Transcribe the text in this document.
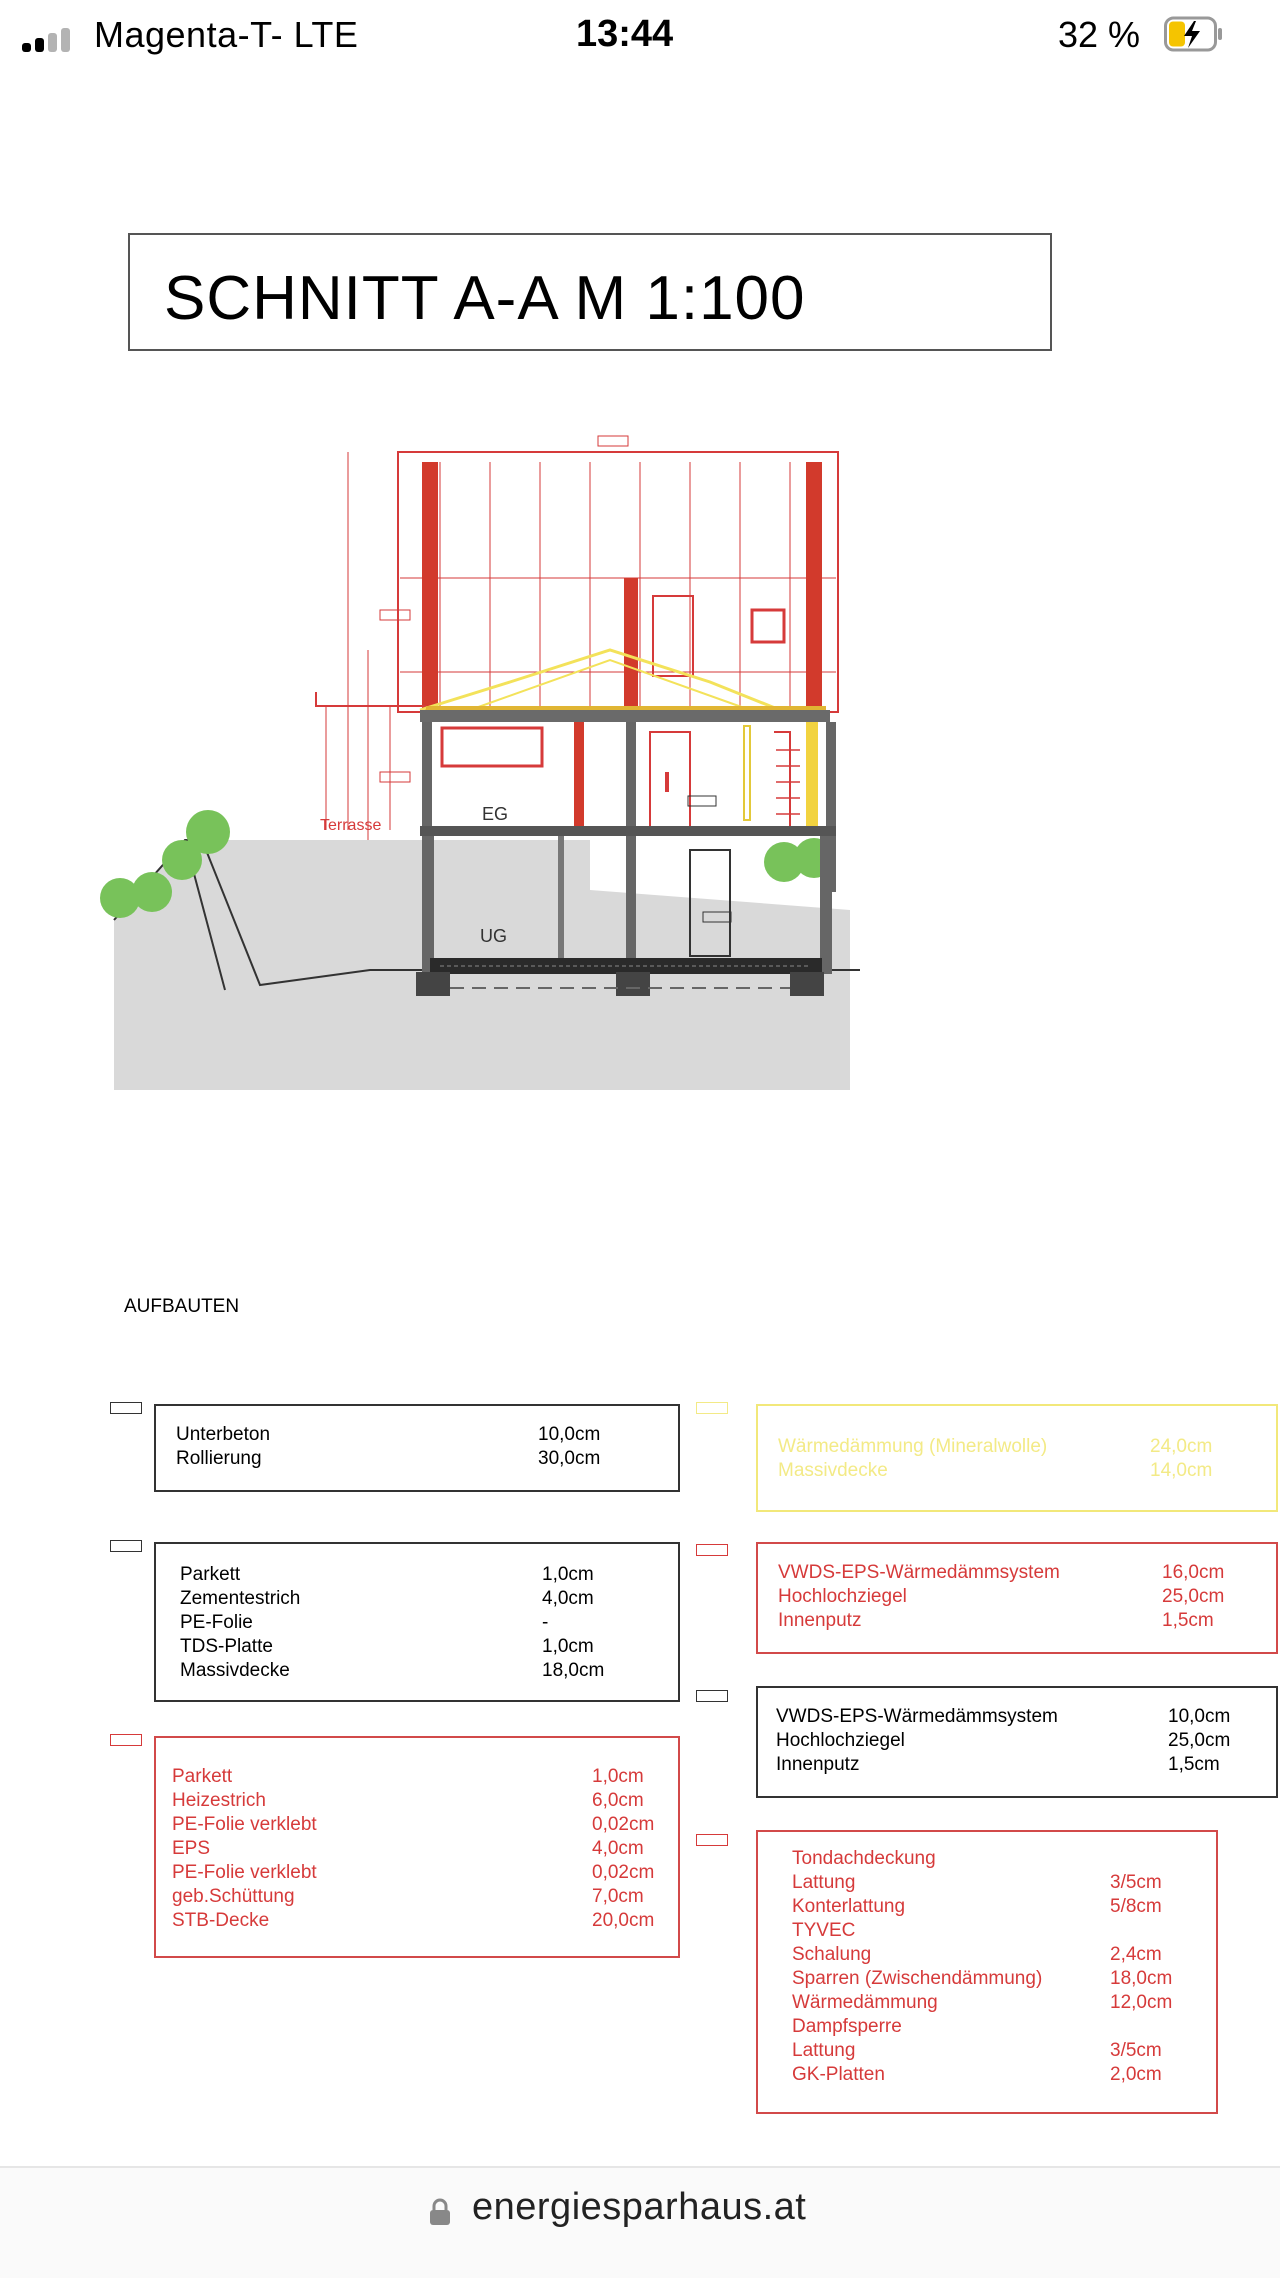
Magenta-T- LTE	13:44	32 %
SCHNITT A-A M 1:100
Terrasse
EG
UG
AUFBAUTEN
Unterbeton	10,0cm
Rollierung	30,0cm
Parkett	1,0cm
Zementestrich	4,0cm
PE-Folie	-
TDS-Platte	1,0cm
Massivdecke	18,0cm
Parkett	1,0cm
Heizestrich	6,0cm
PE-Folie verklebt	0,02cm
EPS	4,0cm
PE-Folie verklebt	0,02cm
geb.Schüttung	7,0cm
STB-Decke	20,0cm
Wärmedämmung (Mineralwolle)	24,0cm
Massivdecke	14,0cm
VWDS-EPS-Wärmedämmsystem	16,0cm
Hochlochziegel	25,0cm
Innenputz	1,5cm
VWDS-EPS-Wärmedämmsystem	10,0cm
Hochlochziegel	25,0cm
Innenputz	1,5cm
Tondachdeckung
Lattung	3/5cm
Konterlattung	5/8cm
TYVEC
Schalung	2,4cm
Sparren (Zwischendämmung)	18,0cm
Wärmedämmung	12,0cm
Dampfsperre
Lattung	3/5cm
GK-Platten	2,0cm
energiesparhaus.at
